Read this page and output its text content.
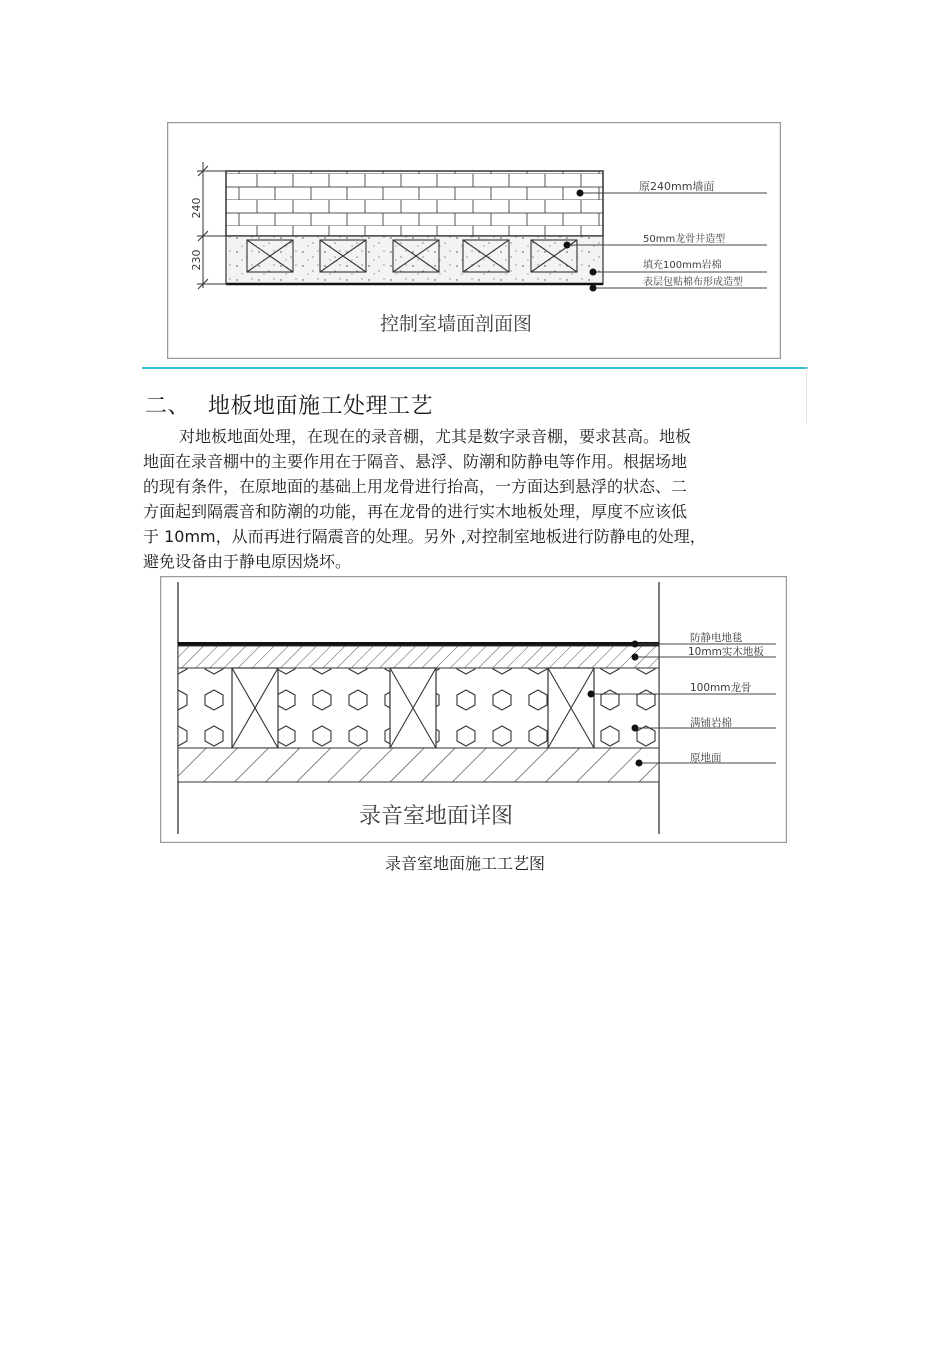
240
230
原240mm墙面
50mm龙骨井造型
填充100mm岩棉
表层包贴棉布形成造型
控制室墙面剖面图
二、 地板地面施工处理工艺
对地板地面处理，在现在的录音棚，尤其是数字录音棚，要求甚高。地板
地面在录音棚中的主要作用在于隔音、悬浮、防潮和防静电等作用。根据场地
的现有条件，在原地面的基础上用龙骨进行抬高，一方面达到悬浮的状态、二
方面起到隔震音和防潮的功能，再在龙骨的进行实木地板处理，厚度不应该低
于 10mm，从而再进行隔震音的处理。另外 ,对控制室地板进行防静电的处理，
避免设备由于静电原因烧坏。
防静电地毯
10mm实木地板
100mm龙骨
满铺岩棉
原地面
录音室地面详图
录音室地面施工工艺图
